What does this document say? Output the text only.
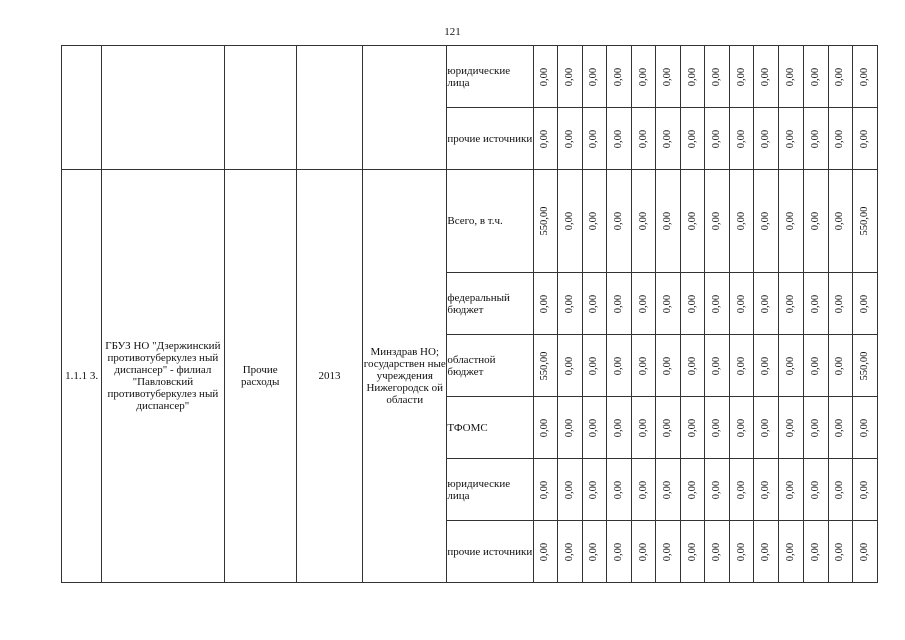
121
					юридические лица	0,00	0,00	0,00	0,00	0,00	0,00	0,00	0,00	0,00	0,00	0,00	0,00	0,00	0,00

					прочие источники	0,00	0,00	0,00	0,00	0,00	0,00	0,00	0,00	0,00	0,00	0,00	0,00	0,00	0,00

1.1.1 3.	ГБУЗ НО "Дзержинский противотуберкулез ный диспансер" - филиал "Павловский противотуберкулез ный диспансер"	Прочие расходы	2013	Минздрав НО; государствен ные учреждения Нижегородск ой области	Всего, в т.ч.	550,00	0,00	0,00	0,00	0,00	0,00	0,00	0,00	0,00	0,00	0,00	0,00	0,00	550,00

					федеральный бюджет	0,00	0,00	0,00	0,00	0,00	0,00	0,00	0,00	0,00	0,00	0,00	0,00	0,00	0,00

					областной бюджет	550,00	0,00	0,00	0,00	0,00	0,00	0,00	0,00	0,00	0,00	0,00	0,00	0,00	550,00

					ТФОМС	0,00	0,00	0,00	0,00	0,00	0,00	0,00	0,00	0,00	0,00	0,00	0,00	0,00	0,00

					юридические лица	0,00	0,00	0,00	0,00	0,00	0,00	0,00	0,00	0,00	0,00	0,00	0,00	0,00	0,00

					прочие источники	0,00	0,00	0,00	0,00	0,00	0,00	0,00	0,00	0,00	0,00	0,00	0,00	0,00	0,00
